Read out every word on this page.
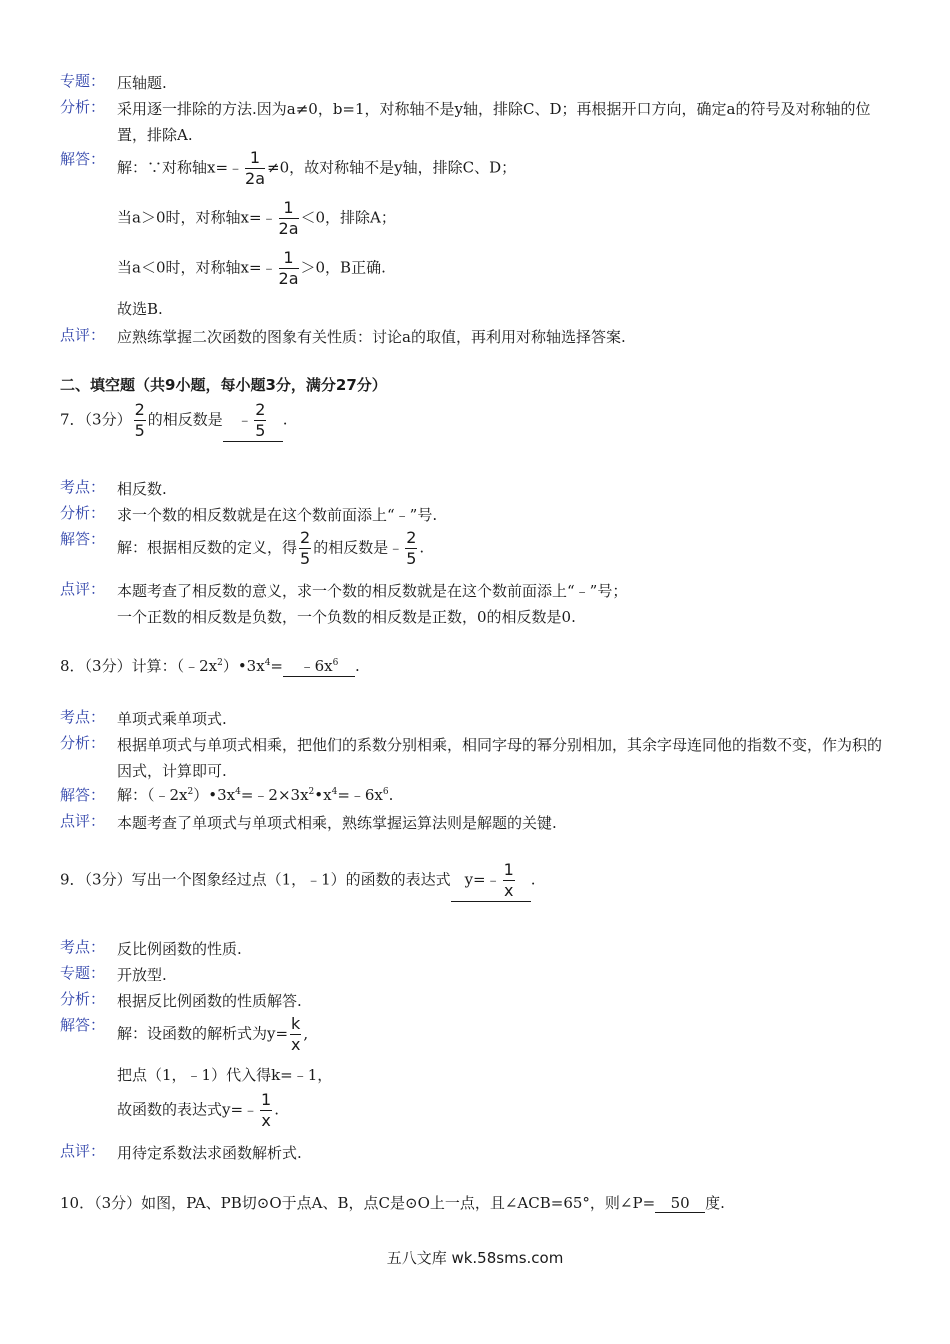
专题： 压轴题.
分析： 采用逐一排除的方法.因为a≠0，b=1，对称轴不是y轴，排除C、D；再根据开口方向，确定a的符号及对称轴的位置，排除A.
解答： 解：∵对称轴x=﹣ $\frac{1}{2a} \ne 0$，故对称轴不是y轴，排除C、D；
当a＞0时，对称轴x=﹣ $\frac{1}{2a} <0$，排除A；
当a＜0时，对称轴x=﹣ $\frac{1}{2a} >0$，B正确.
故选B.
点评： 应熟练掌握二次函数的图象有关性质：讨论a的取值，再利用对称轴选择答案.
二、填空题（共9小题，每小题3分，满分27分）
7．（3分） $\frac{2}{5}$ 的相反数是 ﹣ $\frac{2}{5}$ .
考点： 相反数.
分析： 求一个数的相反数就是在这个数前面添上“﹣”号.
解答： 解：根据相反数的定义，得 $\frac{2}{5}$ 的相反数是﹣ $\frac{2}{5}$ .
点评： 本题考查了相反数的意义，求一个数的相反数就是在这个数前面添上“﹣”号；
一个正数的相反数是负数，一个负数的相反数是正数，0的相反数是0.
8．（3分）计算：$(﹣2x^2)•3x^4=$ $﹣6x^6$ .
考点： 单项式乘单项式.
分析： 根据单项式与单项式相乘，把他们的系数分别相乘，相同字母的幂分别相加，其余字母连同他的指数不变，作为积的因式，计算即可.
解答： 解：$(﹣2x^2)•3x^4=﹣2\times 3x^2•x^4=﹣6x^6$.
点评： 本题考查了单项式与单项式相乘，熟练掌握运算法则是解题的关键.
9．（3分）写出一个图象经过点（1，﹣1）的函数的表达式 y=﹣ $\frac{1}{x}$ .
考点： 反比例函数的性质.
专题： 开放型.
分析： 根据反比例函数的性质解答.
解答： 解：设函数的解析式为$y= \frac{k}{x}$ ,
把点（1，﹣1）代入得k=﹣1，
故函数的表达式y=﹣ $\frac{1}{x}$ .
点评： 用待定系数法求函数解析式.
10．（3分）如图，PA、PB切⊙O于点A、B，点C是⊙O上一点，且∠ACB=65°，则∠P= 50 度.
五八文库 wk.58sms.com
